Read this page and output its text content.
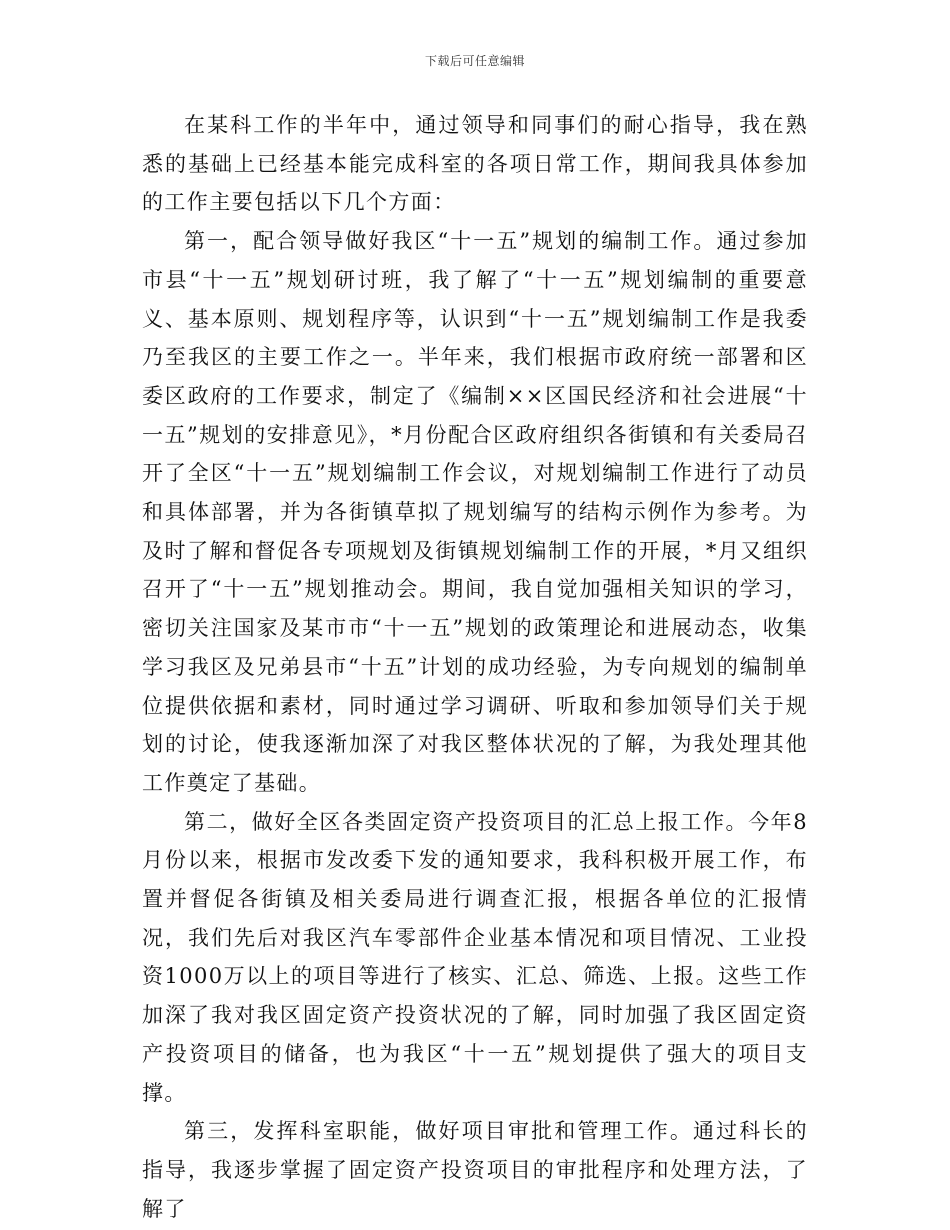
下载后可任意编辑

在某科工作的半年中，通过领导和同事们的耐心指导，我在熟悉的基础上已经基本能完成科室的各项日常工作，期间我具体参加的工作主要包括以下几个方面：

第一，配合领导做好我区“十一五”规划的编制工作。通过参加市县“十一五”规划研讨班，我了解了“十一五”规划编制的重要意义、基本原则、规划程序等，认识到“十一五”规划编制工作是我委乃至我区的主要工作之一。半年来，我们根据市政府统一部署和区委区政府的工作要求，制定了《编制××区国民经济和社会进展“十一五”规划的安排意见》，*月份配合区政府组织各街镇和有关委局召开了全区“十一五”规划编制工作会议，对规划编制工作进行了动员和具体部署，并为各街镇草拟了规划编写的结构示例作为参考。为及时了解和督促各专项规划及街镇规划编制工作的开展，*月又组织召开了“十一五”规划推动会。期间，我自觉加强相关知识的学习，密切关注国家及某市市“十一五”规划的政策理论和进展动态，收集学习我区及兄弟县市“十五”计划的成功经验，为专向规划的编制单位提供依据和素材，同时通过学习调研、听取和参加领导们关于规划的讨论，使我逐渐加深了对我区整体状况的了解，为我处理其他工作奠定了基础。

第二，做好全区各类固定资产投资项目的汇总上报工作。今年8月份以来，根据市发改委下发的通知要求，我科积极开展工作，布置并督促各街镇及相关委局进行调查汇报，根据各单位的汇报情况，我们先后对我区汽车零部件企业基本情况和项目情况、工业投资1000万以上的项目等进行了核实、汇总、筛选、上报。这些工作加深了我对我区固定资产投资状况的了解，同时加强了我区固定资产投资项目的储备，也为我区“十一五”规划提供了强大的项目支撑。

第三，发挥科室职能，做好项目审批和管理工作。通过科长的指导，我逐步掌握了固定资产投资项目的审批程序和处理方法，了解了
